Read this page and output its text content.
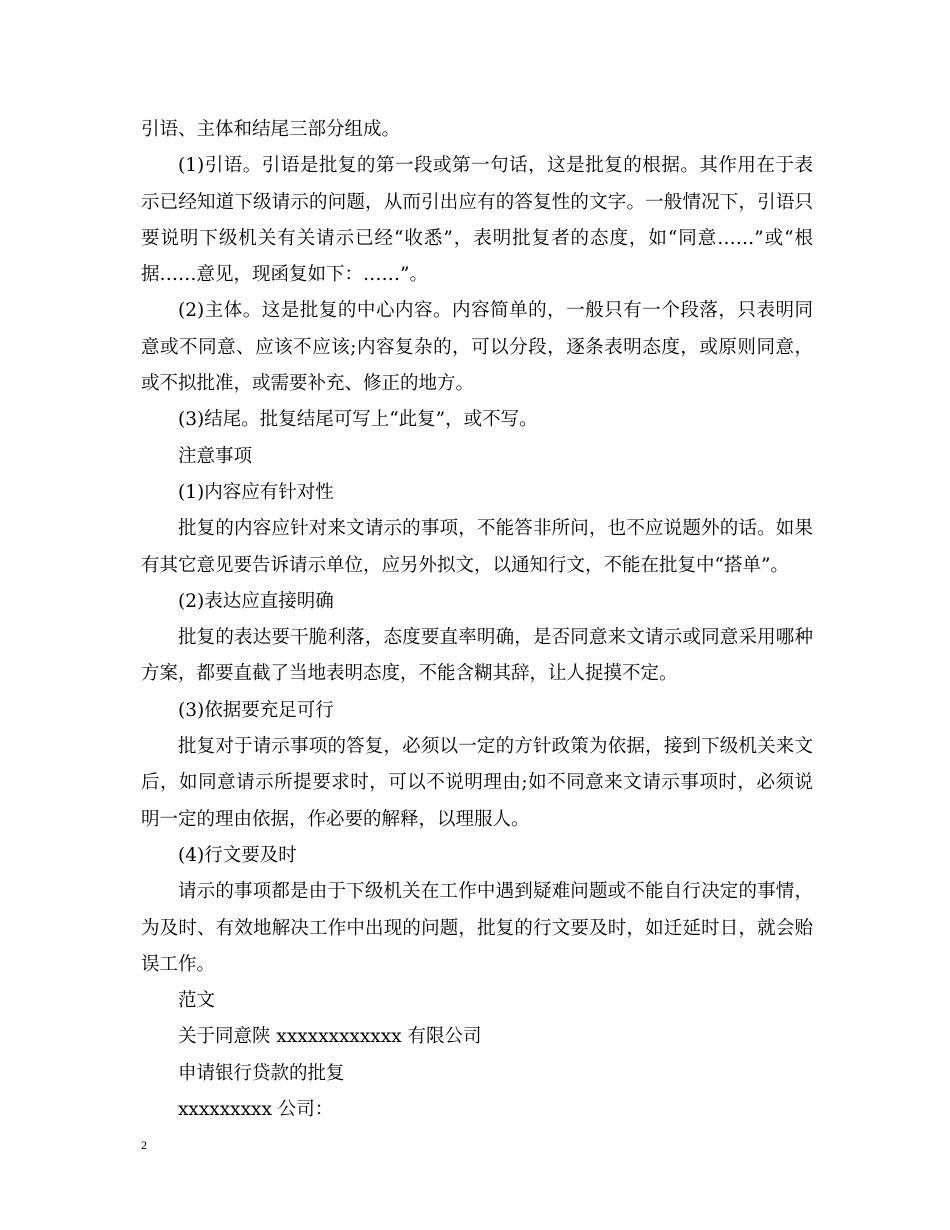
引语、主体和结尾三部分组成。

(1)引语。引语是批复的第一段或第一句话，这是批复的根据。其作用在于表示已经知道下级请示的问题，从而引出应有的答复性的文字。一般情况下，引语只要说明下级机关有关请示已经“收悉”，表明批复者的态度，如“同意……”或“根据……意见，现函复如下：……”。

(2)主体。这是批复的中心内容。内容简单的，一般只有一个段落，只表明同意或不同意、应该不应该;内容复杂的，可以分段，逐条表明态度，或原则同意，或不拟批准，或需要补充、修正的地方。

(3)结尾。批复结尾可写上“此复”，或不写。

注意事项

(1)内容应有针对性

批复的内容应针对来文请示的事项，不能答非所问，也不应说题外的话。如果有其它意见要告诉请示单位，应另外拟文，以通知行文，不能在批复中“搭单”。

(2)表达应直接明确

批复的表达要干脆利落，态度要直率明确，是否同意来文请示或同意采用哪种方案，都要直截了当地表明态度，不能含糊其辞，让人捉摸不定。

(3)依据要充足可行

批复对于请示事项的答复，必须以一定的方针政策为依据，接到下级机关来文后，如同意请示所提要求时，可以不说明理由;如不同意来文请示事项时，必须说明一定的理由依据，作必要的解释，以理服人。

(4)行文要及时

请示的事项都是由于下级机关在工作中遇到疑难问题或不能自行决定的事情，为及时、有效地解决工作中出现的问题，批复的行文要及时，如迁延时日，就会贻误工作。

范文

关于同意陕 xxxxxxxxxxxx 有限公司

申请银行贷款的批复

xxxxxxxxx 公司：

2
